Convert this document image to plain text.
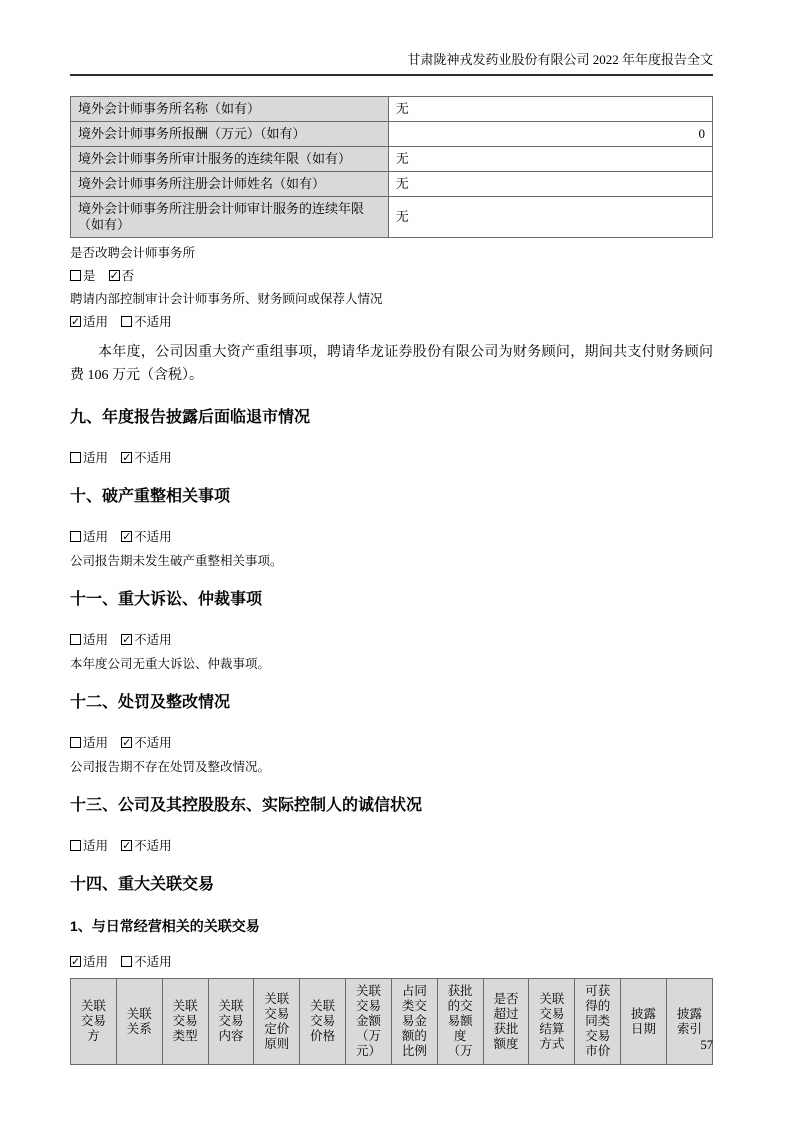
甘肃陇神戎发药业股份有限公司 2022 年年度报告全文
境外会计师事务所名称（如有）	无
境外会计师事务所报酬（万元）（如有）	0
境外会计师事务所审计服务的连续年限（如有）	无
境外会计师事务所注册会计师姓名（如有）	无
境外会计师事务所注册会计师审计服务的连续年限（如有）	无
是否改聘会计师事务所
是 ✓ 否
聘请内部控制审计会计师事务所、财务顾问或保荐人情况
✓适用 不适用

本年度，公司因重大资产重组事项，聘请华龙证券股份有限公司为财务顾问，期间共支付财务顾问费 106 万元（含税）。

九、年度报告披露后面临退市情况
适用 ✓ 不适用
十、破产重整相关事项
适用 ✓ 不适用
公司报告期未发生破产重整相关事项。
十一、重大诉讼、仲裁事项
适用 ✓ 不适用
本年度公司无重大诉讼、仲裁事项。
十二、处罚及整改情况
适用 ✓ 不适用
公司报告期不存在处罚及整改情况。
十三、公司及其控股股东、实际控制人的诚信状况
适用 ✓ 不适用
十四、重大关联交易
1、与日常经营相关的关联交易
✓适用 不适用
关联交易方	关联关系	关联交易类型	关联交易内容	关联交易定价原则	关联交易价格	关联交易金额（万元）	占同类交易金额的比例	获批的交易额度（万	是否超过获批额度	关联交易结算方式	可获得的同类交易市价	披露日期	披露索引
57
